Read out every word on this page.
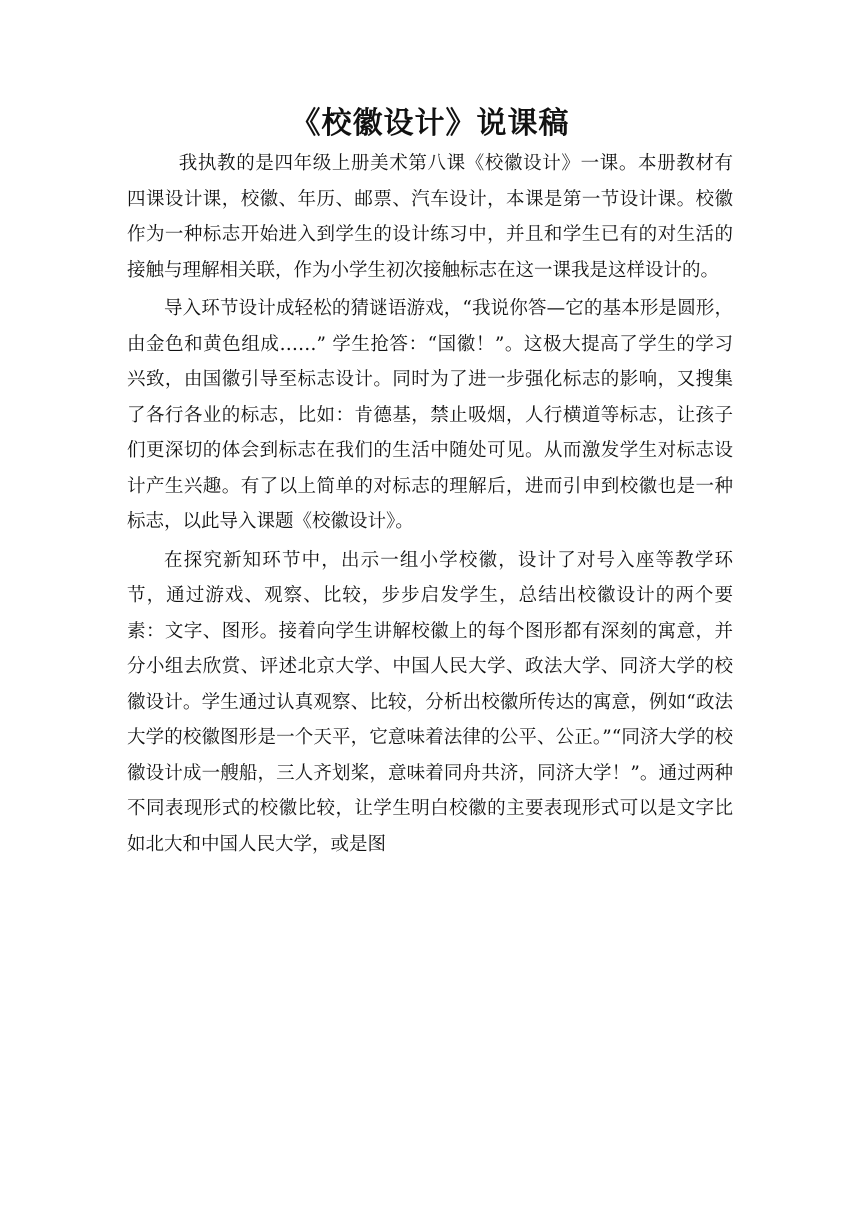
《校徽设计》说课稿

我执教的是四年级上册美术第八课《校徽设计》一课。本册教材有四课设计课，校徽、年历、邮票、汽车设计，本课是第一节设计课。校徽作为一种标志开始进入到学生的设计练习中，并且和学生已有的对生活的接触与理解相关联，作为小学生初次接触标志在这一课我是这样设计的。

导入环节设计成轻松的猜谜语游戏，“我说你答—它的基本形是圆形，由金色和黄色组成……” 学生抢答：“国徽！”。这极大提高了学生的学习兴致，由国徽引导至标志设计。同时为了进一步强化标志的影响，又搜集了各行各业的标志，比如：肯德基，禁止吸烟，人行横道等标志，让孩子们更深切的体会到标志在我们的生活中随处可见。从而激发学生对标志设计产生兴趣。有了以上简单的对标志的理解后，进而引申到校徽也是一种标志，以此导入课题《校徽设计》。

在探究新知环节中，出示一组小学校徽，设计了对号入座等教学环节，通过游戏、观察、比较，步步启发学生，总结出校徽设计的两个要素：文字、图形。接着向学生讲解校徽上的每个图形都有深刻的寓意，并分小组去欣赏、评述北京大学、中国人民大学、政法大学、同济大学的校徽设计。学生通过认真观察、比较，分析出校徽所传达的寓意，例如“政法大学的校徽图形是一个天平，它意味着法律的公平、公正。”“同济大学的校徽设计成一艘船，三人齐划桨，意味着同舟共济，同济大学！”。通过两种不同表现形式的校徽比较，让学生明白校徽的主要表现形式可以是文字比如北大和中国人民大学，或是图
